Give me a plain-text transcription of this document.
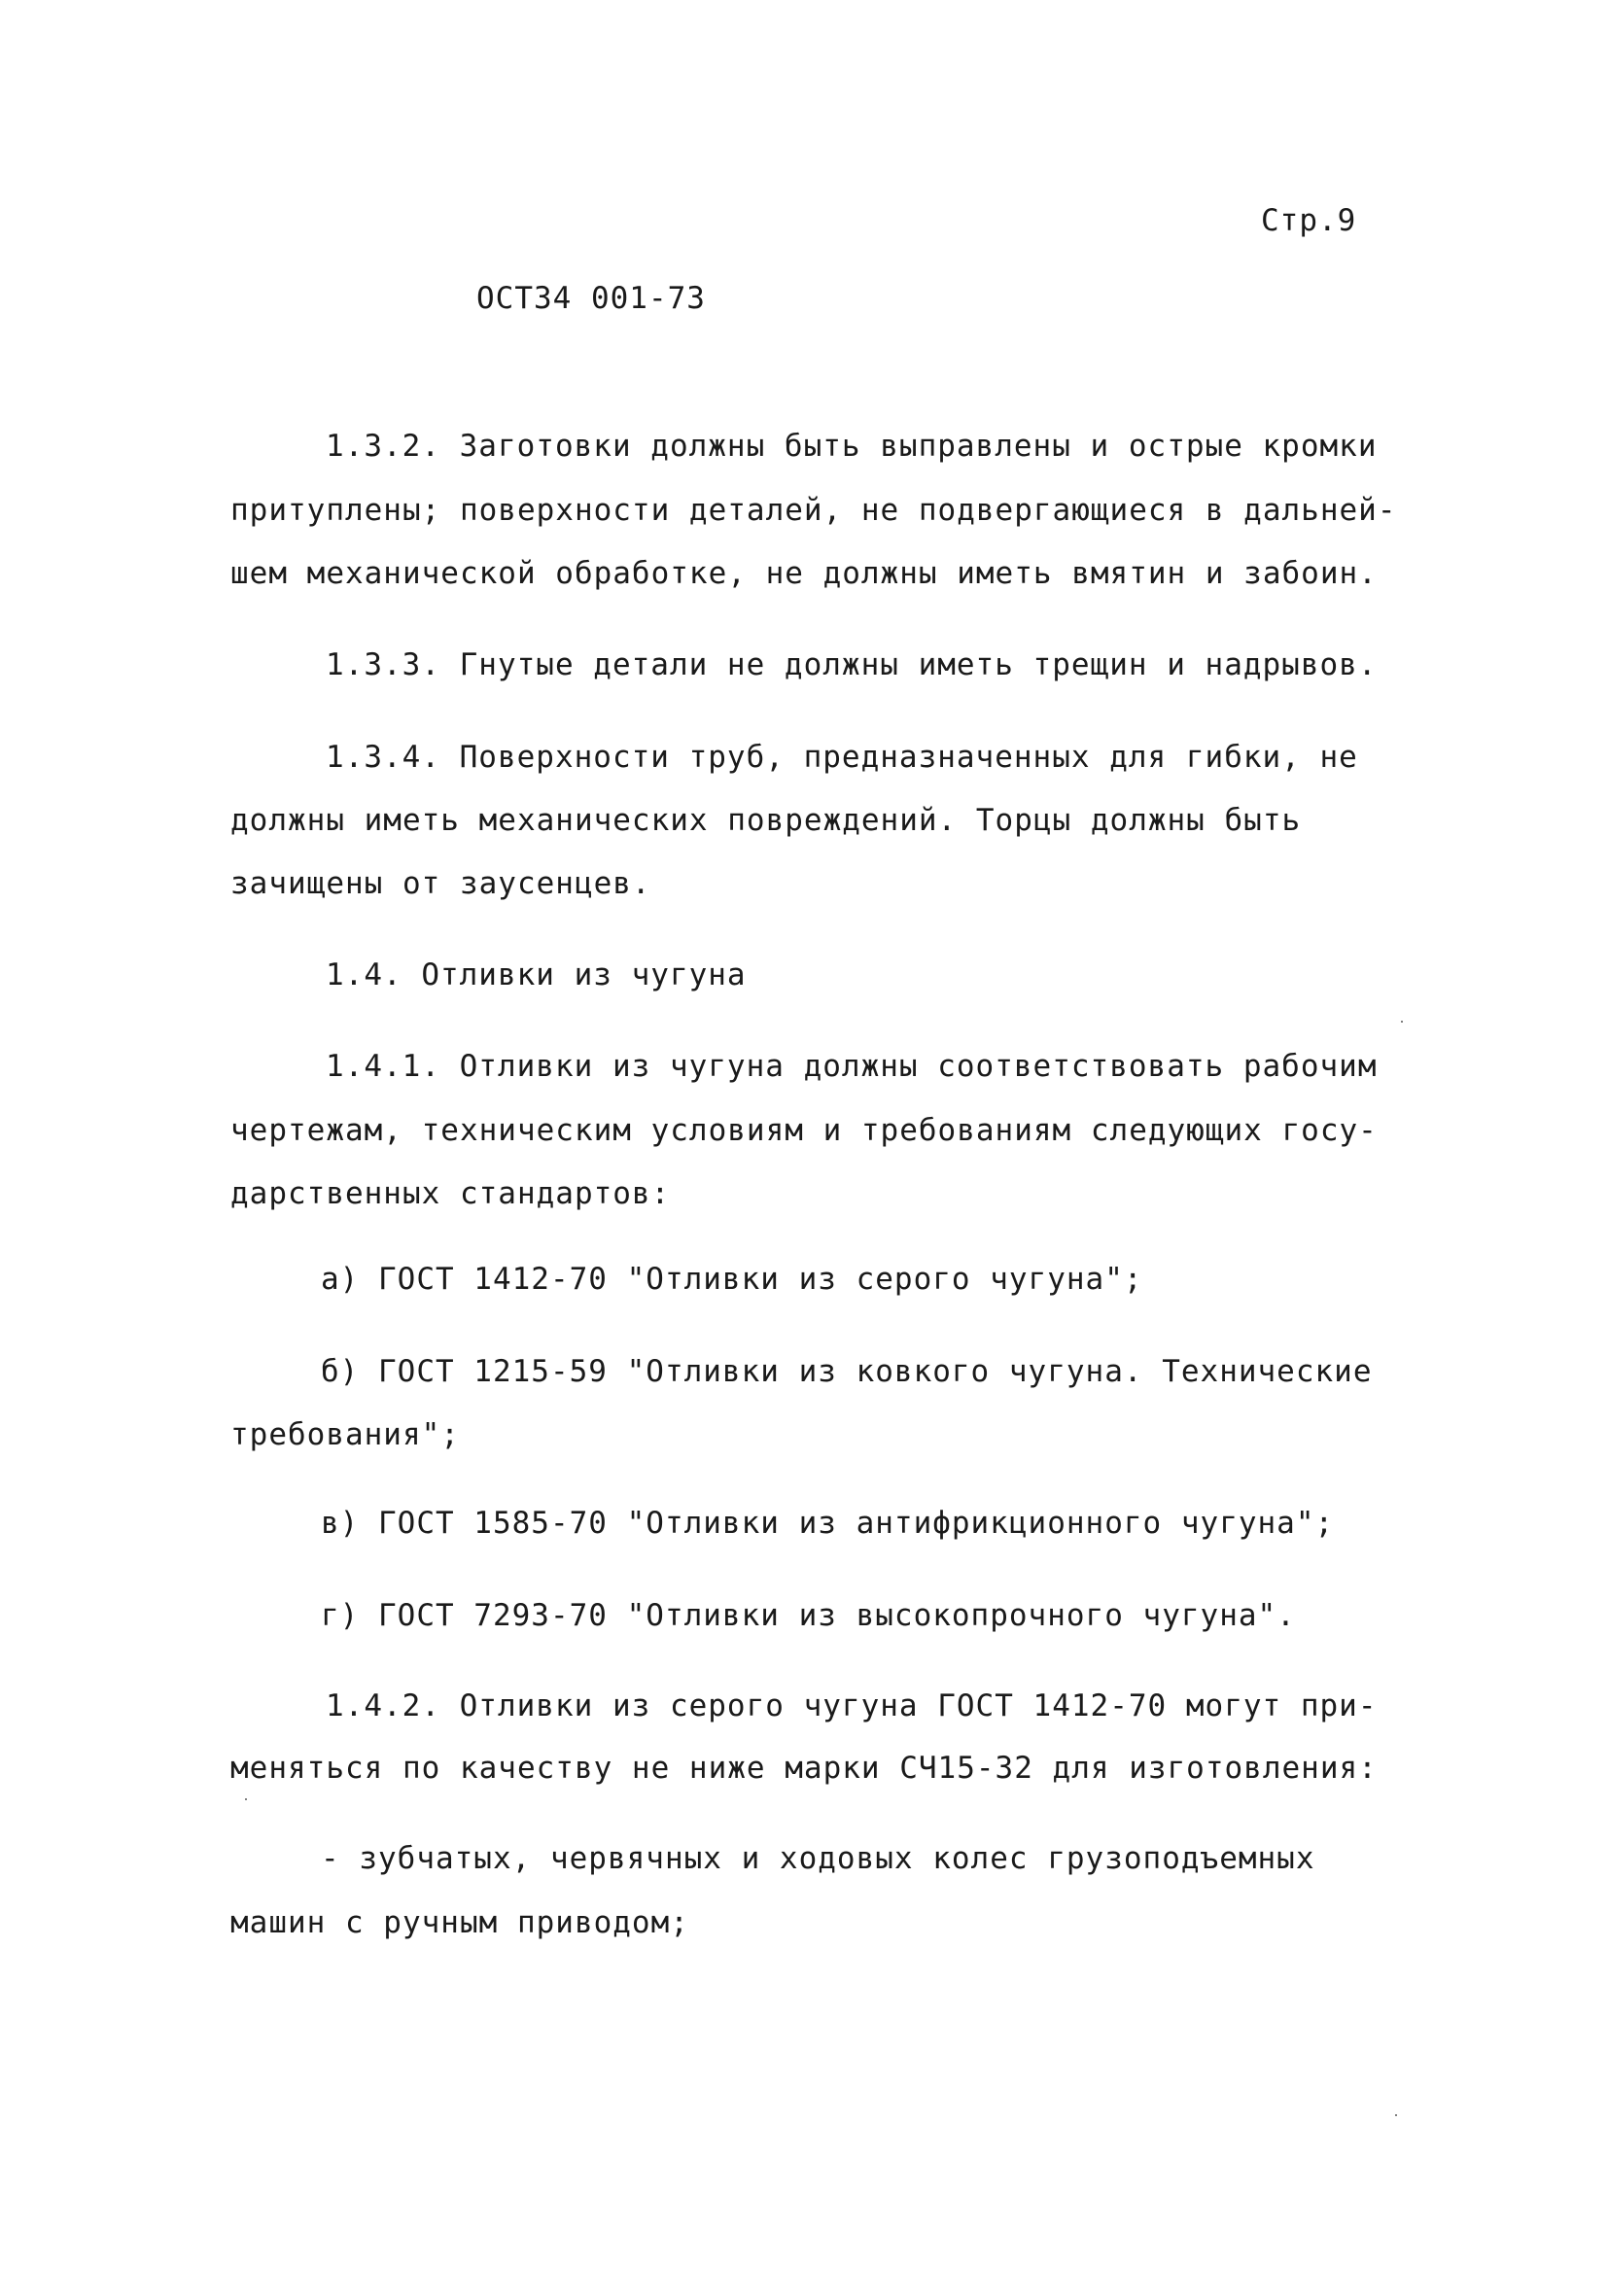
Стр.9
ОСТ34 001-73
1.3.2. Заготовки должны быть выправлены и острые кромки
притуплены; поверхности деталей, не подвергающиеся в дальней-
шем механической обработке, не должны иметь вмятин и забоин.
1.3.3. Гнутые детали не должны иметь трещин и надрывов.
1.3.4. Поверхности труб, предназначенных для гибки, не
должны иметь механических повреждений. Торцы должны быть
зачищены от заусенцев.
1.4. Отливки из чугуна
1.4.1. Отливки из чугуна должны соответствовать рабочим
чертежам, техническим условиям и требованиям следующих госу-
дарственных стандартов:
а) ГОСТ 1412-70 "Отливки из серого чугуна";
б) ГОСТ 1215-59 "Отливки из ковкого чугуна. Технические
требования";
в) ГОСТ 1585-70 "Отливки из антифрикционного чугуна";
г) ГОСТ 7293-70 "Отливки из высокопрочного чугуна".
1.4.2. Отливки из серого чугуна ГОСТ 1412-70 могут при-
меняться по качеству не ниже марки СЧ15-32 для изготовления:
- зубчатых, червячных и ходовых колес грузоподъемных
машин с ручным приводом;
